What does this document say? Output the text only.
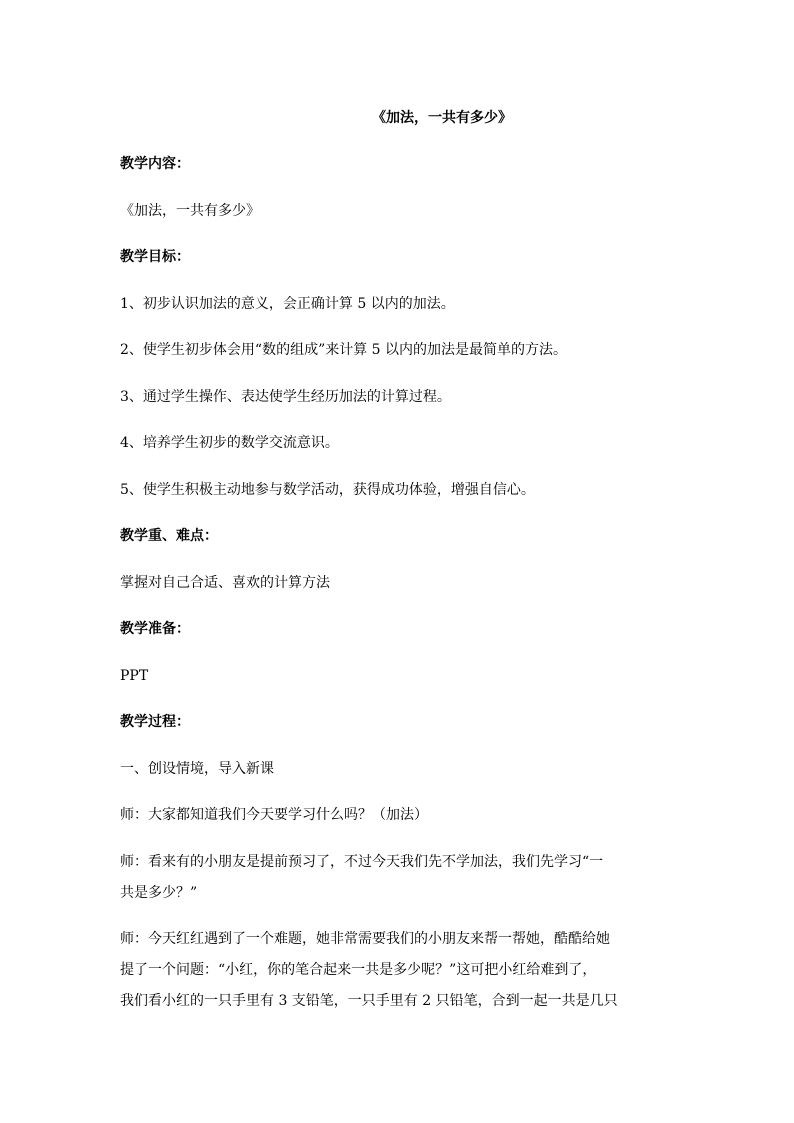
《加法，一共有多少》
教学内容：
《加法，一共有多少》
教学目标：
1、初步认识加法的意义，会正确计算 5 以内的加法。
2、使学生初步体会用“数的组成”来计算 5 以内的加法是最简单的方法。
3、通过学生操作、表达使学生经历加法的计算过程。
4、培养学生初步的数学交流意识。
5、使学生积极主动地参与数学活动，获得成功体验，增强自信心。
教学重、难点：
掌握对自己合适、喜欢的计算方法
教学准备：
PPT
教学过程：
一、创设情境，导入新课
师：大家都知道我们今天要学习什么吗？（加法）
师：看来有的小朋友是提前预习了，不过今天我们先不学加法，我们先学习“一
共是多少？”
师：今天红红遇到了一个难题，她非常需要我们的小朋友来帮一帮她，酷酷给她
提了一个问题：“小红，你的笔合起来一共是多少呢？”这可把小红给难到了，
我们看小红的一只手里有 3 支铅笔，一只手里有 2 只铅笔，合到一起一共是几只
